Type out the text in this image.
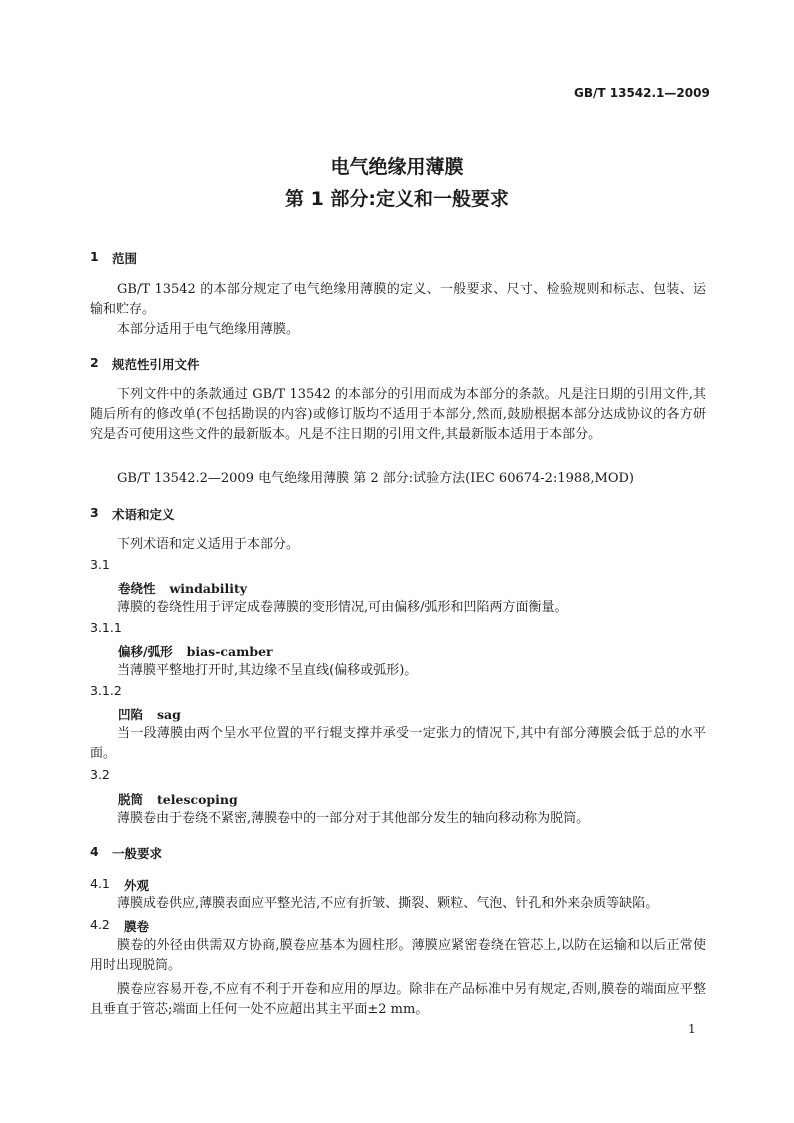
GB/T 13542.1—2009
电气绝缘用薄膜
第 1 部分:定义和一般要求
1 范围
GB/T 13542 的本部分规定了电气绝缘用薄膜的定义、一般要求、尺寸、检验规则和标志、包装、运输和贮存。
本部分适用于电气绝缘用薄膜。
2 规范性引用文件
下列文件中的条款通过 GB/T 13542 的本部分的引用而成为本部分的条款。凡是注日期的引用文件,其随后所有的修改单(不包括勘误的内容)或修订版均不适用于本部分,然而,鼓励根据本部分达成协议的各方研究是否可使用这些文件的最新版本。凡是不注日期的引用文件,其最新版本适用于本部分。
GB/T 13542.2—2009 电气绝缘用薄膜 第 2 部分:试验方法(IEC 60674-2:1988,MOD)
3 术语和定义
下列术语和定义适用于本部分。
3.1
卷绕性 windability
薄膜的卷绕性用于评定成卷薄膜的变形情况,可由偏移/弧形和凹陷两方面衡量。
3.1.1
偏移/弧形 bias-camber
当薄膜平整地打开时,其边缘不呈直线(偏移或弧形)。
3.1.2
凹陷 sag
当一段薄膜由两个呈水平位置的平行辊支撑并承受一定张力的情况下,其中有部分薄膜会低于总的水平面。
3.2
脱筒 telescoping
薄膜卷由于卷绕不紧密,薄膜卷中的一部分对于其他部分发生的轴向移动称为脱筒。
4 一般要求
4.1 外观
薄膜成卷供应,薄膜表面应平整光洁,不应有折皱、撕裂、颗粒、气泡、针孔和外来杂质等缺陷。
4.2 膜卷
膜卷的外径由供需双方协商,膜卷应基本为圆柱形。薄膜应紧密卷绕在管芯上,以防在运输和以后正常使用时出现脱筒。
膜卷应容易开卷,不应有不利于开卷和应用的厚边。除非在产品标准中另有规定,否则,膜卷的端面应平整且垂直于管芯;端面上任何一处不应超出其主平面±2 mm。
1
